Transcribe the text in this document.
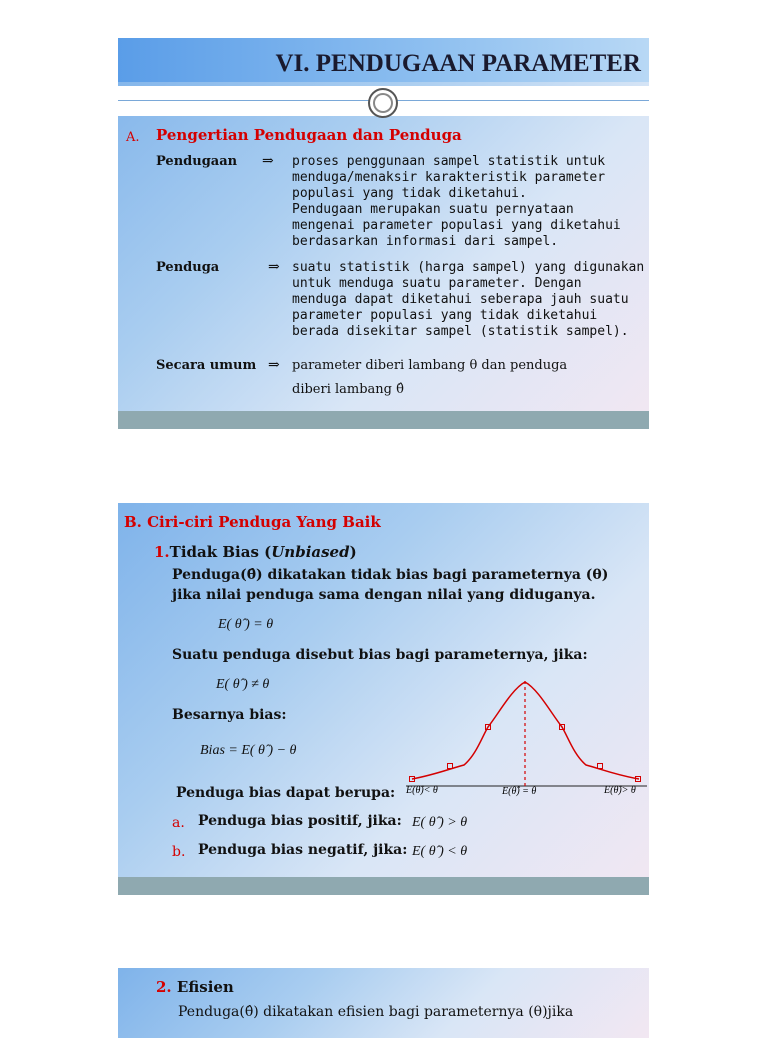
VI. PENDUGAAN PARAMETER
A. Pengertian Pendugaan dan Penduga
Pendugaan ⇒ proses penggunaan sampel statistik untuk
menduga/menaksir karakteristik parameter
populasi yang tidak diketahui.
Pendugaan merupakan suatu pernyataan
mengenai parameter populasi yang diketahui
berdasarkan informasi dari sampel.
Penduga	⇒ suatu statistik (harga sampel) yang digunakan
untuk menduga suatu parameter. Dengan
menduga dapat diketahui seberapa jauh suatu
parameter populasi yang tidak diketahui
berada disekitar sampel (statistik sampel).
Secara umum ⇒ parameter diberi lambang θ dan penduga
diberi lambang θ̂
B. Ciri-ciri Penduga Yang Baik
1.Tidak Bias (Unbiased)
Penduga(θ̂) dikatakan tidak bias bagi parameternya (θ)
jika nilai penduga sama dengan nilai yang diduganya.
E( θ̂ ) = θ
Suatu penduga disebut bias bagi parameternya, jika:
E( θ̂ ) ≠ θ
Besarnya bias:
Bias = E( θ̂ ) − θ
Penduga bias dapat berupa:
a. Penduga bias positif, jika: E( θ̂ ) > θ
b. Penduga bias negatif, jika: E( θ̂ ) < θ
E(θ̂)< θ	E(θ̂) = θ	E(θ̂)> θ
2. Efisien
Penduga(θ̂) dikatakan efisien bagi parameternya (θ)jika
